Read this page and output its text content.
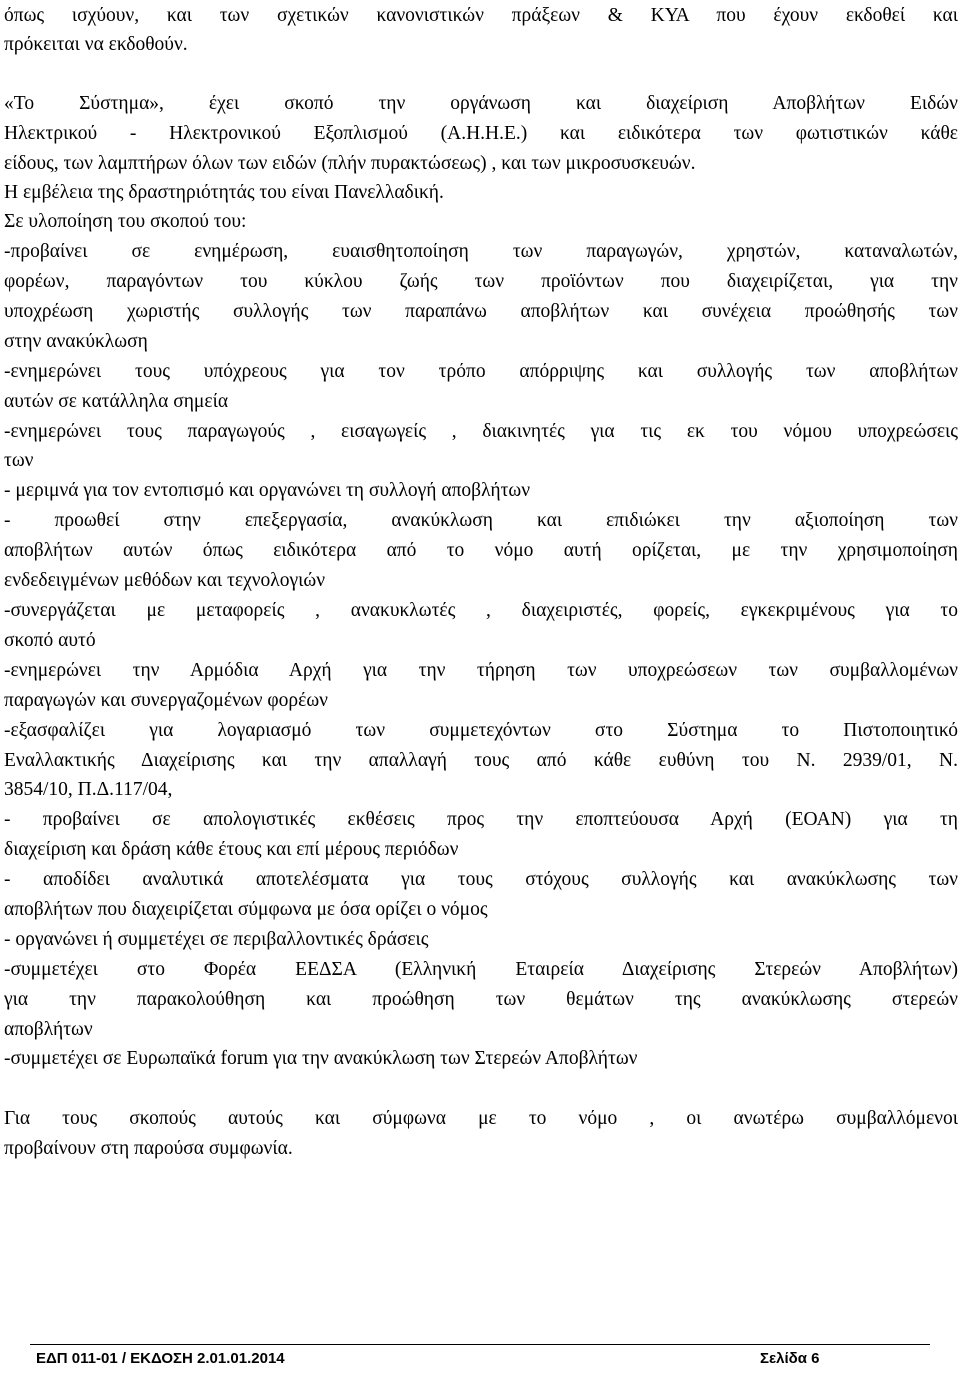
όπως ισχύουν, και των σχετικών κανονιστικών πράξεων & ΚΥΑ που έχουν εκδοθεί και
πρόκειται να εκδοθούν.
«Το Σύστημα», έχει σκοπό την οργάνωση και διαχείριση Αποβλήτων Ειδών
Ηλεκτρικού - Ηλεκτρονικού Εξοπλισμού (Α.Η.Η.Ε.) και ειδικότερα των φωτιστικών κάθε
είδους, των λαμπτήρων όλων των ειδών (πλήν πυρακτώσεως) , και των μικροσυσκευών.
Η εμβέλεια της δραστηριότητάς του είναι Πανελλαδική.
Σε υλοποίηση του σκοπού του:
-προβαίνει σε ενημέρωση, ευαισθητοποίηση των παραγωγών, χρηστών, καταναλωτών,
φορέων, παραγόντων του κύκλου ζωής των προϊόντων που διαχειρίζεται, για την
υποχρέωση χωριστής συλλογής των παραπάνω αποβλήτων και συνέχεια προώθησής των
στην ανακύκλωση
-ενημερώνει τους υπόχρεους για τον τρόπο απόρριψης και συλλογής των αποβλήτων
αυτών σε κατάλληλα σημεία
-ενημερώνει τους παραγωγούς , εισαγωγείς , διακινητές για τις εκ του νόμου υποχρεώσεις
των
- μεριμνά για τον εντοπισμό και οργανώνει τη συλλογή αποβλήτων
- προωθεί στην επεξεργασία, ανακύκλωση και επιδιώκει την αξιοποίηση των
αποβλήτων αυτών όπως ειδικότερα από το νόμο αυτή ορίζεται, με την χρησιμοποίηση
ενδεδειγμένων μεθόδων και τεχνολογιών
-συνεργάζεται με μεταφορείς , ανακυκλωτές , διαχειριστές, φορείς, εγκεκριμένους για το
σκοπό αυτό
-ενημερώνει την Αρμόδια Αρχή για την τήρηση των υποχρεώσεων των συμβαλλομένων
παραγωγών και συνεργαζομένων φορέων
-εξασφαλίζει για λογαριασμό των συμμετεχόντων στο Σύστημα το Πιστοποιητικό
Εναλλακτικής Διαχείρισης και την απαλλαγή τους από κάθε ευθύνη του Ν. 2939/01, Ν.
3854/10, Π.Δ.117/04,
- προβαίνει σε απολογιστικές εκθέσεις προς την εποπτεύουσα Αρχή (ΕΟΑΝ) για τη
διαχείριση και δράση κάθε έτους και επί μέρους περιόδων
- αποδίδει αναλυτικά αποτελέσματα για τους στόχους συλλογής και ανακύκλωσης των
αποβλήτων που διαχειρίζεται σύμφωνα με όσα ορίζει ο νόμος
- οργανώνει ή συμμετέχει σε περιβαλλοντικές δράσεις
-συμμετέχει στο Φορέα ΕΕΔΣΑ (Ελληνική Εταιρεία Διαχείρισης Στερεών Αποβλήτων)
για την παρακολούθηση και προώθηση των θεμάτων της ανακύκλωσης στερεών
αποβλήτων
-συμμετέχει σε Ευρωπαϊκά forum για την ανακύκλωση των Στερεών Αποβλήτων
Για τους σκοπούς αυτούς και σύμφωνα με το νόμο , οι ανωτέρω συμβαλλόμενοι
προβαίνουν στη παρούσα συμφωνία.
ΕΔΠ 011-01 / ΕΚΔΟΣΗ 2.01.01.2014	Σελίδα 6
